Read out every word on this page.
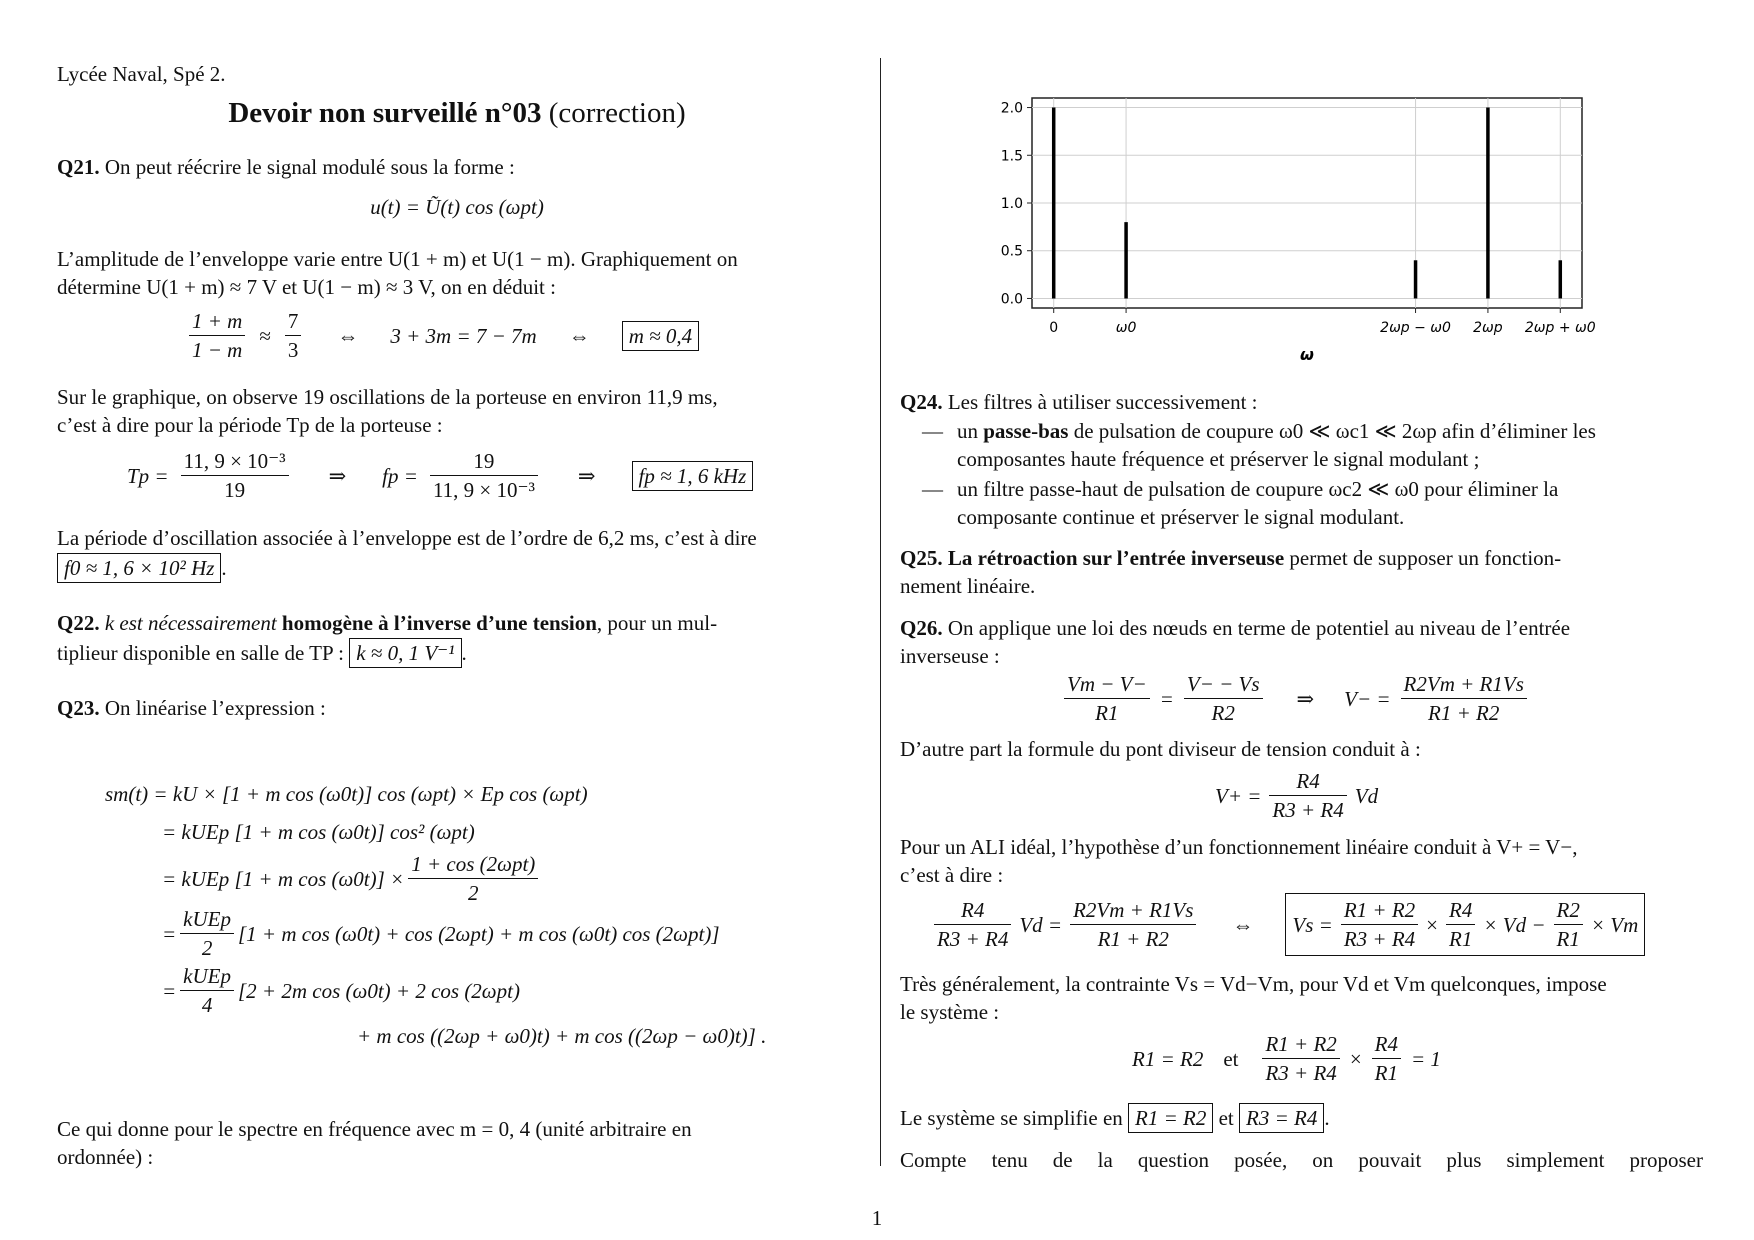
Lycée Naval, Spé 2.

Devoir non surveillé n°03 (correction)

Q21. On peut réécrire le signal modulé sous la forme :

u(t) = Ũ(t) cos (ωpt)

L’amplitude de l’enveloppe varie entre U(1 + m) et U(1 − m). Graphiquement on

détermine U(1 + m) ≈ 7 V et U(1 − m) ≈ 3 V, on en déduit :

$\frac{1 + m}{1 - m} \approx \frac{7}{3}$ ⇔ 3 + 3m = 7 − 7m ⇔	m ≈ 0,4

Sur le graphique, on observe 19 oscillations de la porteuse en environ 11,9 ms,

c’est à dire pour la période Tp de la porteuse :

$Tp = \frac{\text{11, 9 × 10⁻³}}{19}$ ⇒ fp = $\frac{19}{\text{11, 9 × 10⁻³}}$ ⇒	fp ≈ 1, 6 kHz

La période d’oscillation associée à l’enveloppe est de l’ordre de 6,2 ms, c’est à dire

f0 ≈ 1, 6 × 10² Hz .

Q22. k est nécessairement homogène à l’inverse d’une tension, pour un mul-

tiplieur disponible en salle de TP : k ≈ 0, 1 V⁻¹ .

Q23. On linéarise l’expression :

sm(t) = kU × [1 + m cos (ω0t)] cos (ωpt) × Ep cos (ωpt)

= kUEp [1 + m cos (ω0t)] cos² (ωpt)

= kUEp [1 + m $\cos (\omega 0t)] \times \frac{\text{1 + cos (2ωpt)}}{2}$
= $\frac{\text{kUEp}}{2} [1 + m$ cos (ω0t) + cos (2ωpt) + m cos (ω0t) cos (2ωpt)]
= $\frac{\text{kUEp}}{4} [2 + 2m$ cos (ω0t) + 2 cos (2ωpt)

+ m cos ((2ωp + ω0)t) + m cos ((2ωp − ω0)t)] .

Ce qui donne pour le spectre en fréquence avec m = 0, 4 (unité arbitraire en

ordonnée) :

0.0
0.5
1.0
1.5
2.0
0	ω0	2ωp − ω0 2ωp 2ωp + ω0
ω

Q24. Les filtres à utiliser successivement :

— un passe-bas de pulsation de coupure ω0 ≪ ωc1 ≪ 2ωp afin d’éliminer les

composantes haute fréquence et préserver le signal modulant ;

— un filtre passe-haut de pulsation de coupure ωc2 ≪ ω0 pour éliminer la

composante continue et préserver le signal modulant.

Q25. La rétroaction sur l’entrée inverseuse permet de supposer un fonction-

nement linéaire.

Q26. On applique une loi des nœuds en terme de potentiel au niveau de l’entrée

inverseuse :

$\frac{Vm - V-}{R1} = \frac{V- - Vs}{R2}$ ⇒ $V- = \frac{R2Vm + R1Vs}{R1 + R2}$

D’autre part la formule du pont diviseur de tension conduit à :

$V+ = \frac{R4}{R3 + R4}$ Vd

Pour un ALI idéal, l’hypothèse d’un fonctionnement linéaire conduit à V+ = V−,

c’est à dire :

$\frac{R4}{R3 + R4}$ $Vd = \frac{R2Vm + R1Vs}{R1 + R2}$ ⇔ $Vs = \frac{R1 + R2}{R3 + R4} \times \frac{R4}{R1} \times Vd - \frac{R2}{R1} \times Vm$

Très généralement, la contrainte Vs = Vd−Vm, pour Vd et Vm quelconques, impose

le système :

R1 = R2 et $\frac{R1 + R2}{R3 + R4} \times \frac{R4}{R1} = 1$

Le système se simplifie en R1 = R2 et R3 = R4 .

Compte tenu de la question posée, on pouvait plus simplement proposer

1
